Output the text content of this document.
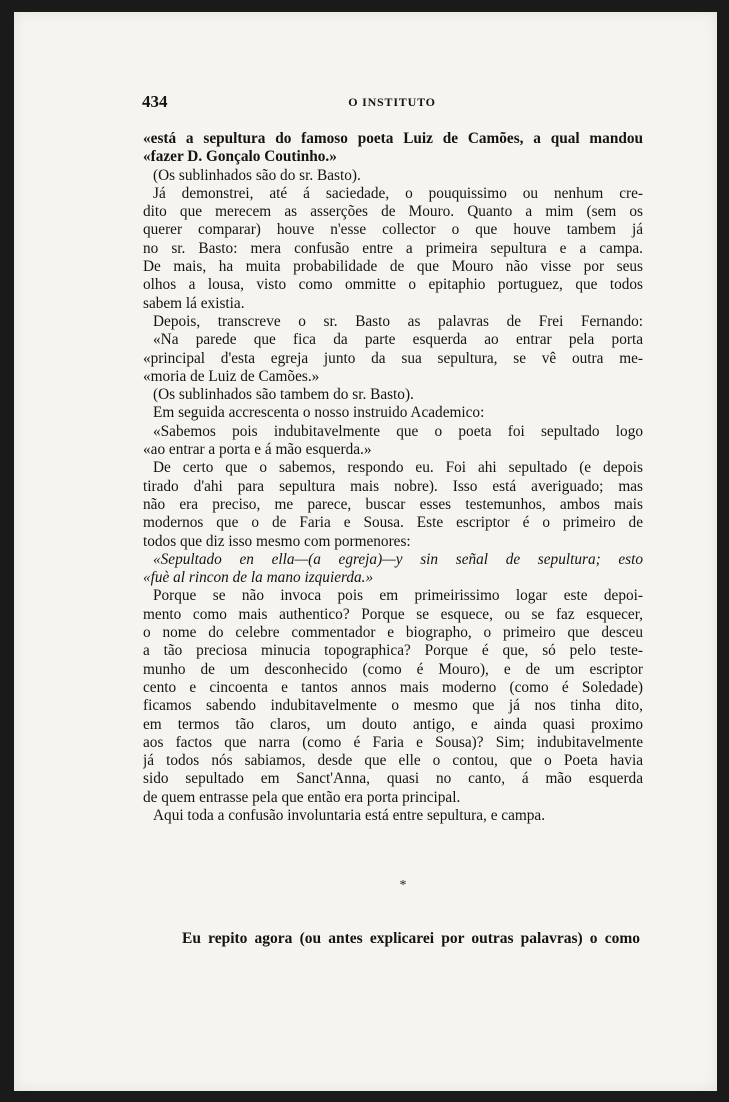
434	O INSTITUTO
«está a sepultura do famoso poeta Luiz de Camões, a qual mandou
«fazer D. Gonçalo Coutinho.»
(Os sublinhados são do sr. Basto).
Já demonstrei, até á saciedade, o pouquissimo ou nenhum cre-
dito que merecem as asserções de Mouro. Quanto a mim (sem os
querer comparar) houve n'esse collector o que houve tambem já
no sr. Basto: mera confusão entre a primeira sepultura e a campa.
De mais, ha muita probabilidade de que Mouro não visse por seus
olhos a lousa, visto como ommitte o epitaphio portuguez, que todos
sabem lá existia.
Depois, transcreve o sr. Basto as palavras de Frei Fernando:
«Na parede que fica da parte esquerda ao entrar pela porta
«principal d'esta egreja junto da sua sepultura, se vê outra me-
«moria de Luiz de Camões.»
(Os sublinhados são tambem do sr. Basto).
Em seguida accrescenta o nosso instruido Academico:
«Sabemos pois indubitavelmente que o poeta foi sepultado logo
«ao entrar a porta e á mão esquerda.»
De certo que o sabemos, respondo eu. Foi ahi sepultado (e depois
tirado d'ahi para sepultura mais nobre). Isso está averiguado; mas
não era preciso, me parece, buscar esses testemunhos, ambos mais
modernos que o de Faria e Sousa. Este escriptor é o primeiro de
todos que diz isso mesmo com pormenores:
«Sepultado en ella—(a egreja)—y sin señal de sepultura; esto
«fuè al rincon de la mano izquierda.»
Porque se não invoca pois em primeirissimo logar este depoi-
mento como mais authentico? Porque se esquece, ou se faz esquecer,
o nome do celebre commentador e biographo, o primeiro que desceu
a tão preciosa minucia topographica? Porque é que, só pelo teste-
munho de um desconhecido (como é Mouro), e de um escriptor
cento e cincoenta e tantos annos mais moderno (como é Soledade)
ficamos sabendo indubitavelmente o mesmo que já nos tinha dito,
em termos tão claros, um douto antigo, e ainda quasi proximo
aos factos que narra (como é Faria e Sousa)? Sim; indubitavelmente
já todos nós sabiamos, desde que elle o contou, que o Poeta havia
sido sepultado em Sanct'Anna, quasi no canto, á mão esquerda
de quem entrasse pela que então era porta principal.
Aqui toda a confusão involuntaria está entre sepultura, e campa.
*
Eu repito agora (ou antes explicarei por outras palavras) o como
